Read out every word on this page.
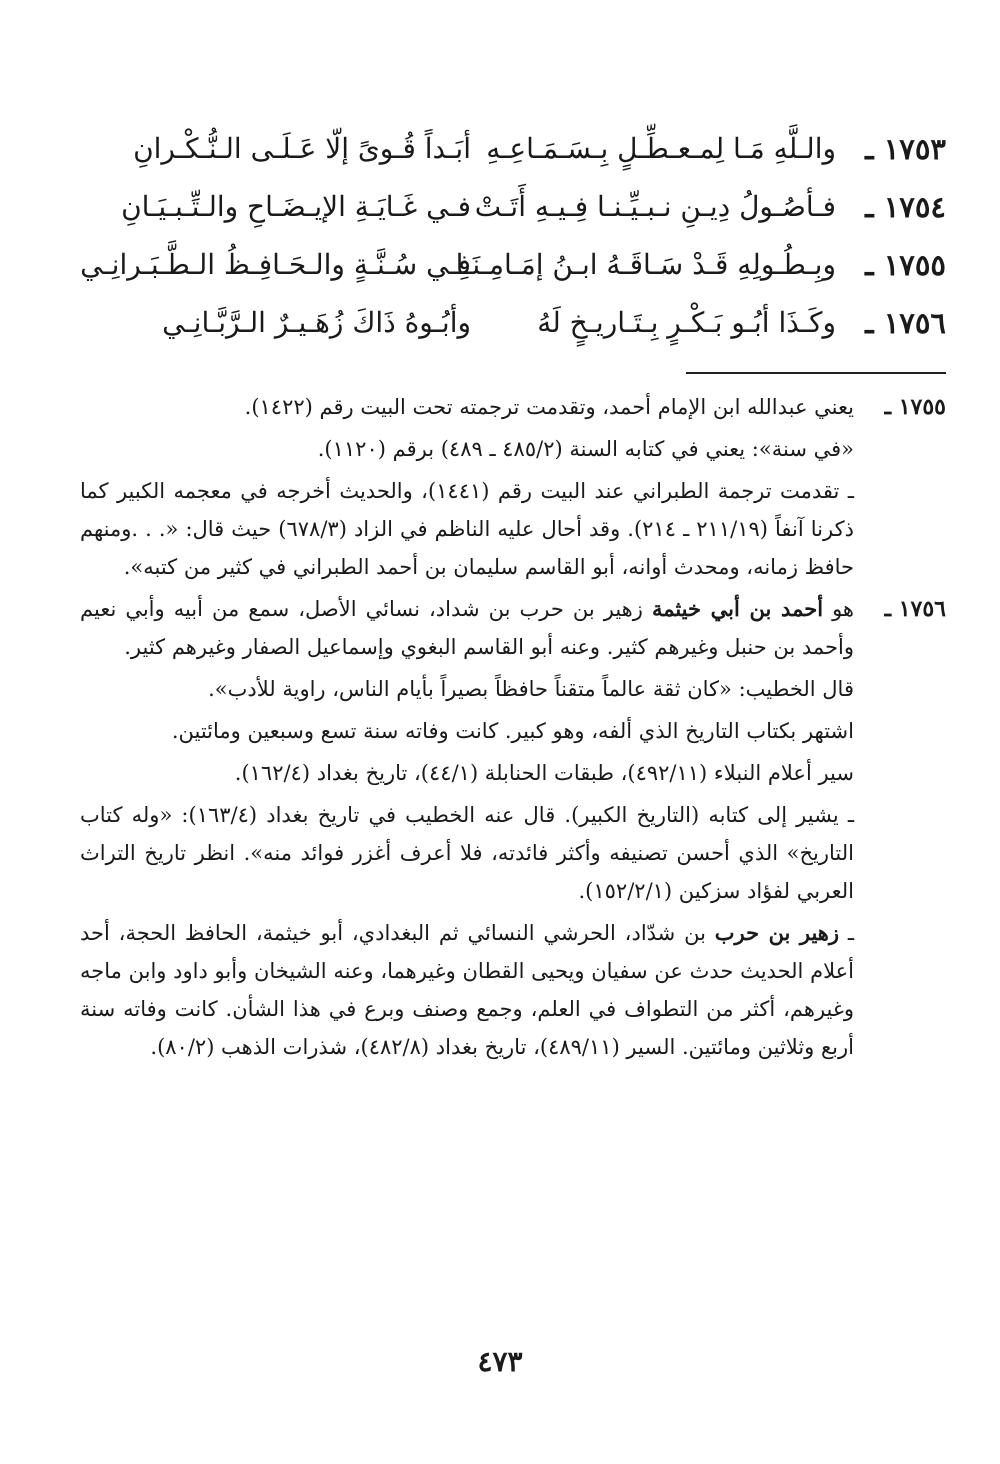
١٧٥٣ ـ
والـلَّهِ مَـا لِمـعـطِّـلٍ بِـسَـمَـاعِـهِ
أبَـداً قُـوىً إلّا عَـلَـى الـنُّـكْـرانِ
١٧٥٤ ـ
فـأصُـولُ دِيـنِ نـبـيِّـنـا فِـيـهِ أَتَـتْ
فـي غَـايَـةِ الإيـضَـاحِ والـتِّـبـيَـانِ
١٧٥٥ ـ
وبِـطُـولِهِ قَـدْ سَـاقَـهُ ابـنُ إمَـامِـنَـا
فِـي سُـنَّـةٍ والـحَـافِـظُ الـطَّـبَـرانِـي
١٧٥٦ ـ
وكَـذَا أبُـو بَـكْـرٍ بِـتَـاريـخٍ لَهُ
وأبُـوهُ ذَاكَ زُهَـيـرٌ الـرَّبَّـانِـي
١٧٥٥ ـ

يعني عبدالله ابن الإمام أحمد، وتقدمت ترجمته تحت البيت رقم (١٤٢٢).

«في سنة»: يعني في كتابه السنة (٤٨٥/٢ ـ ٤٨٩) برقم (١١٢٠).

ـ تقدمت ترجمة الطبراني عند البيت رقم (١٤٤١)، والحديث أخرجه في معجمه الكبير كما ذكرنا آنفاً (٢١١/١٩ ـ ٢١٤). وقد أحال عليه الناظم في الزاد (٦٧٨/٣) حيث قال: «. . .ومنهم حافظ زمانه، ومحدث أوانه، أبو القاسم سليمان بن أحمد الطبراني في كثير من كتبه».

١٧٥٦ ـ

هو أحمد بن أبي خيثمة زهير بن حرب بن شداد، نسائي الأصل، سمع من أبيه وأبي نعيم وأحمد بن حنبل وغيرهم كثير. وعنه أبو القاسم البغوي وإسماعيل الصفار وغيرهم كثير.

قال الخطيب: «كان ثقة عالماً متقناً حافظاً بصيراً بأيام الناس، راوية للأدب».

اشتهر بكتاب التاريخ الذي ألفه، وهو كبير. كانت وفاته سنة تسع وسبعين ومائتين.

سير أعلام النبلاء (٤٩٢/١١)، طبقات الحنابلة (٤٤/١)، تاريخ بغداد (١٦٢/٤).

ـ يشير إلى كتابه (التاريخ الكبير). قال عنه الخطيب في تاريخ بغداد (١٦٣/٤): «وله كتاب التاريخ» الذي أحسن تصنيفه وأكثر فائدته، فلا أعرف أغزر فوائد منه». انظر تاريخ التراث العربي لفؤاد سزكين (١٥٢/٢/١).

ـ زهير بن حرب بن شدّاد، الحرشي النسائي ثم البغدادي، أبو خيثمة، الحافظ الحجة، أحد أعلام الحديث حدث عن سفيان ويحيى القطان وغيرهما، وعنه الشيخان وأبو داود وابن ماجه وغيرهم، أكثر من التطواف في العلم، وجمع وصنف وبرع في هذا الشأن. كانت وفاته سنة أربع وثلاثين ومائتين. السير (٤٨٩/١١)، تاريخ بغداد (٤٨٢/٨)، شذرات الذهب (٨٠/٢).

٤٧٣
